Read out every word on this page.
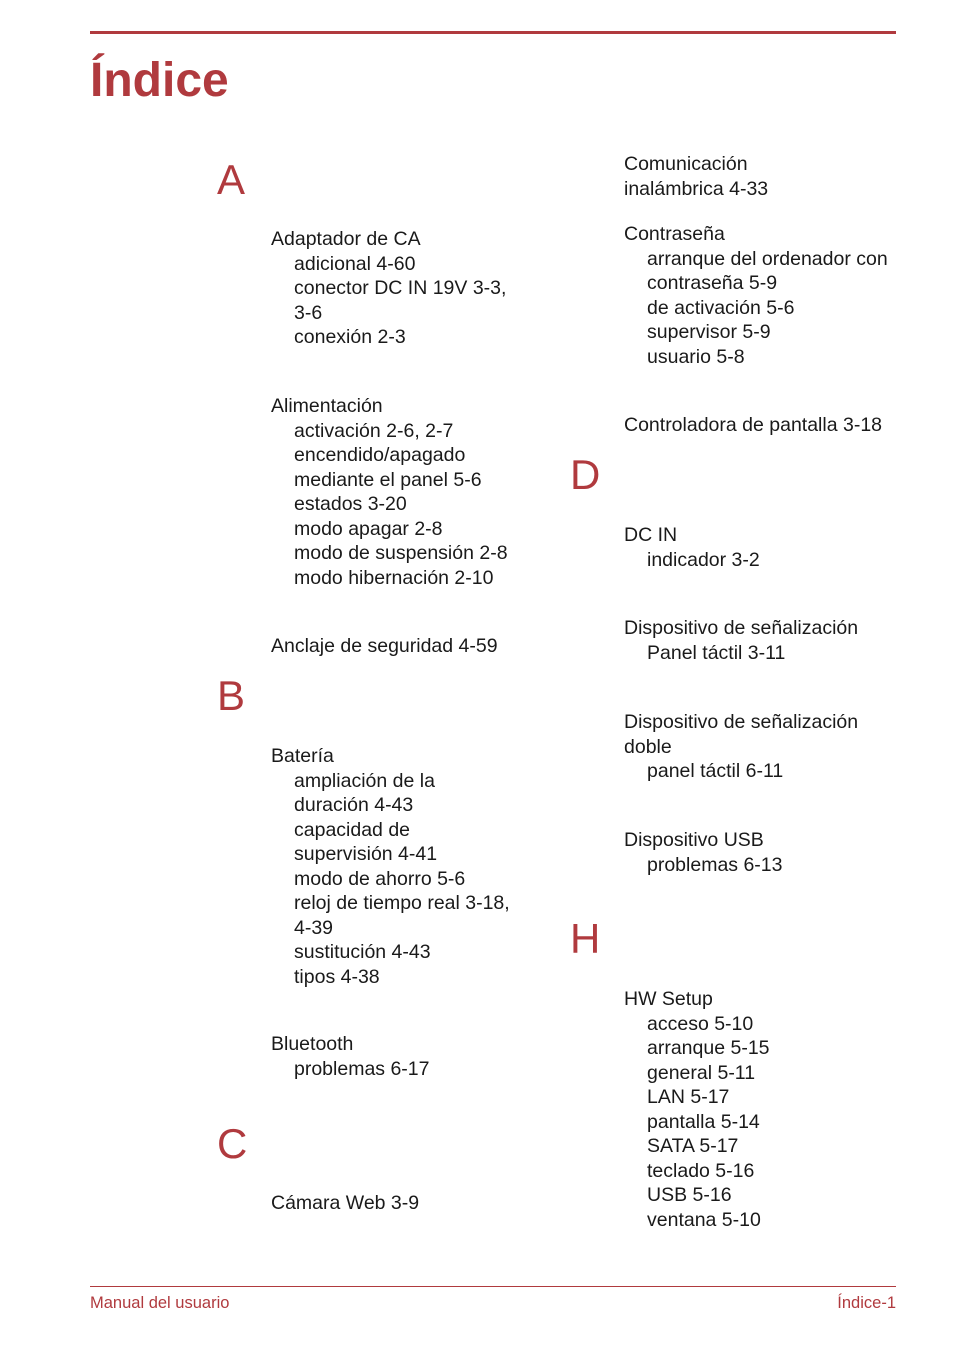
Índice
A
Adaptador de CA
adicional 4-60
conector DC IN 19V 3-3,
3-6
conexión 2-3
Alimentación
activación 2-6, 2-7
encendido/apagado
mediante el panel 5-6
estados 3-20
modo apagar 2-8
modo de suspensión 2-8
modo hibernación 2-10
Anclaje de seguridad 4-59
B
Batería
ampliación de la
duración 4-43
capacidad de
supervisión 4-41
modo de ahorro 5-6
reloj de tiempo real 3-18,
4-39
sustitución 4-43
tipos 4-38
Bluetooth
problemas 6-17
C
Cámara Web 3-9
Comunicación
inalámbrica 4-33
Contraseña
arranque del ordenador con
contraseña 5-9
de activación 5-6
supervisor 5-9
usuario 5-8
Controladora de pantalla 3-18
D
DC IN
indicador 3-2
Dispositivo de señalización
Panel táctil 3-11
Dispositivo de señalización
doble
panel táctil 6-11
Dispositivo USB
problemas 6-13
H
HW Setup
acceso 5-10
arranque 5-15
general 5-11
LAN 5-17
pantalla 5-14
SATA 5-17
teclado 5-16
USB 5-16
ventana 5-10
Manual del usuario	Índice-1
